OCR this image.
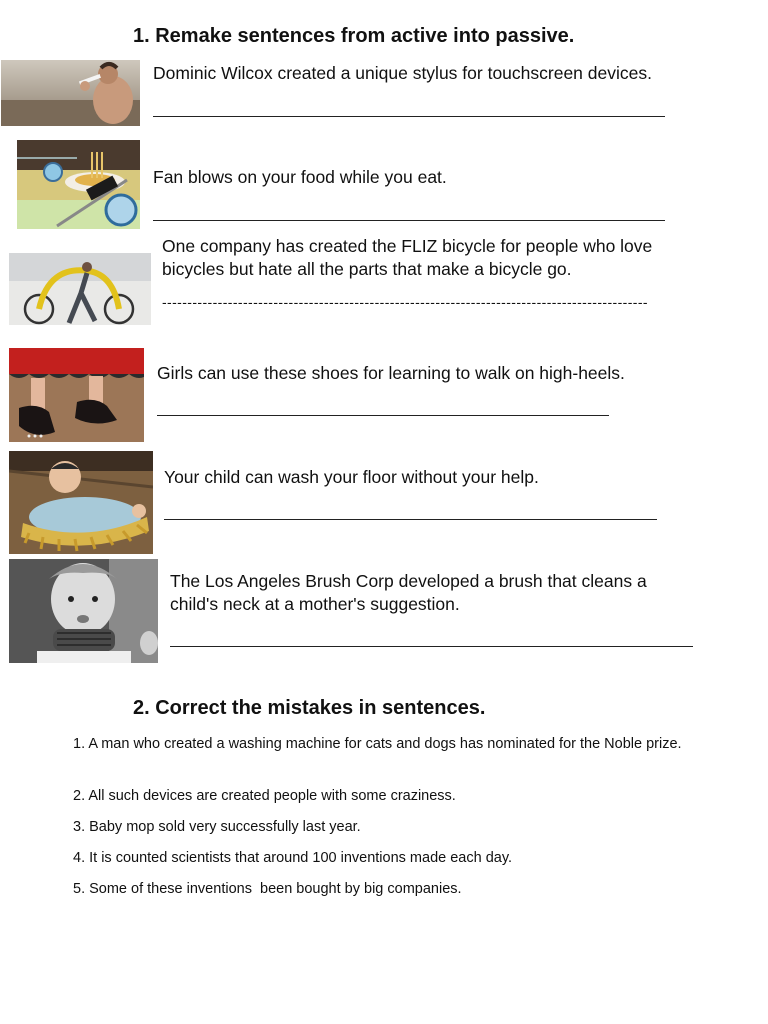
1. Remake sentences from active into passive.
Dominic Wilcox created a unique stylus for touchscreen devices.
Fan blows on your food while you eat.
One company has created the FLIZ bicycle for people who love bicycles but hate all the parts that make a bicycle go.
------------------------------------------------------------------------------------------------
Girls can use these shoes for learning to walk on high-heels.
Your child can wash your floor without your help.
The Los Angeles Brush Corp developed a brush that cleans a child's neck at a mother's suggestion.
2. Correct the mistakes in sentences.
1. A man who created a washing machine for cats and dogs has nominated for the Noble prize.
2. All such devices are created people with some craziness.
3. Baby mop sold very successfully last year.
4. It is counted scientists that around 100 inventions made each day.
5. Some of these inventions  been bought by big companies.
